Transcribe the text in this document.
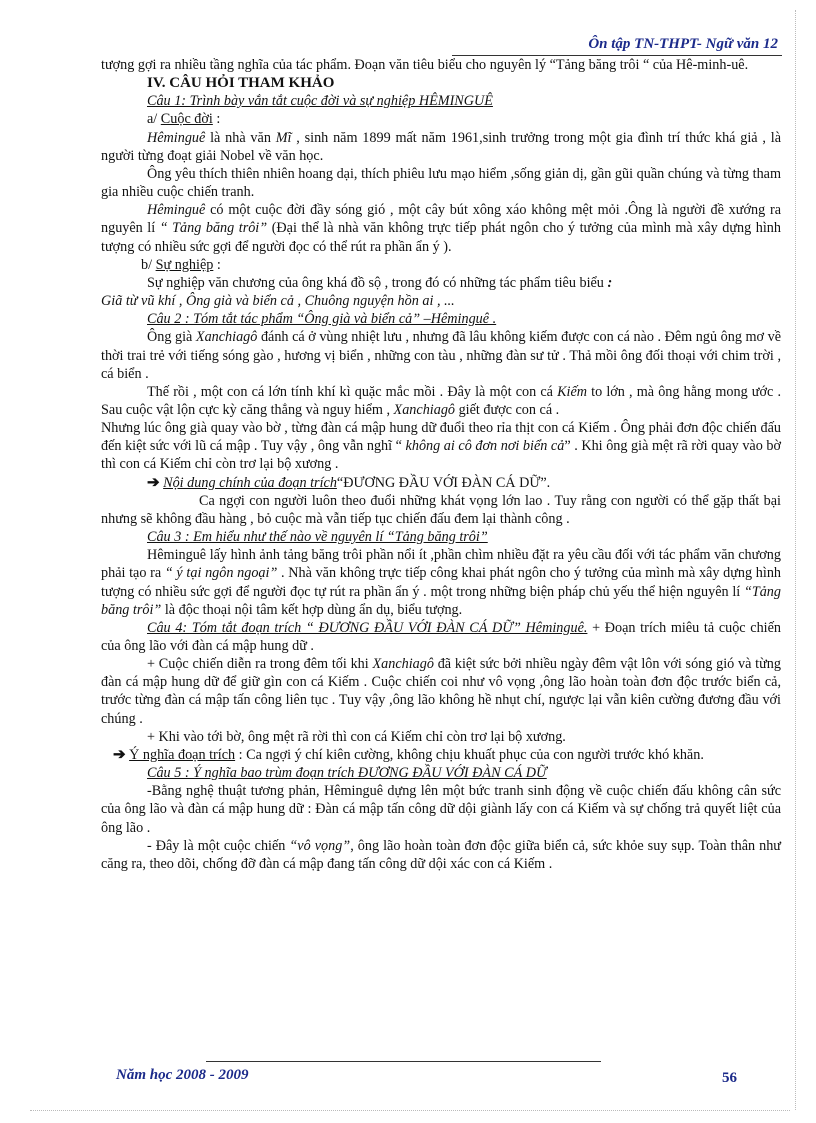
Ôn tập TN-THPT- Ngữ văn 12

tượng gợi ra nhiều tầng nghĩa của tác phẩm. Đoạn văn tiêu biểu cho nguyên lý “Tảng băng trôi “ của Hê-minh-uê.

IV. CÂU HỎI THAM KHẢO

Câu 1: Trình bày vắn tắt cuộc đời và sự nghiệp HÊMINGUÊ

a/ Cuộc đời :

Hêminguê là nhà văn Mĩ , sinh năm 1899 mất năm 1961,sinh trưởng trong một gia đình trí thức khá giả , là người từng đoạt giải Nobel về văn học.

Ông yêu thích thiên nhiên hoang dại, thích phiêu lưu mạo hiểm ,sống giản dị, gần gũi quần chúng và từng tham gia nhiều cuộc chiến tranh.

Hêminguê có một cuộc đời đầy sóng gió , một cây bút xông xáo không mệt mỏi .Ông là người đề xướng ra nguyên lí “ Tảng băng trôi” (Đại thể là nhà văn không trực tiếp phát ngôn cho ý tưởng của mình mà xây dựng hình tượng có nhiều sức gợi để người đọc có thể rút ra phần ẩn ý ).

b/ Sự nghiệp :

Sự nghiệp văn chương của ông khá đồ sộ , trong đó có những tác phẩm tiêu biểu :

Giã từ vũ khí , Ông già và biển cả , Chuông nguyện hồn ai , ...

Câu 2 : Tóm tắt tác phẩm “Ông già và biển cả” –Hêminguê .

Ông già Xanchiagô đánh cá ở vùng nhiệt lưu , nhưng đã lâu không kiếm được con cá nào . Đêm ngủ ông mơ về thời trai trẻ với tiếng sóng gào , hương vị biển , những con tàu , những đàn sư tử . Thả mồi ông đối thoại với chim trời , cá biển .

Thế rồi , một con cá lớn tính khí kì quặc mắc mồi . Đây là một con cá Kiếm to lớn , mà ông hằng mong ước . Sau cuộc vật lộn cực kỳ căng thẳng và nguy hiểm , Xanchiagô giết được con cá .

Nhưng lúc ông già quay vào bờ , từng đàn cá mập hung dữ đuổi theo rỉa thịt con cá Kiếm . Ông phải đơn độc chiến đấu đến kiệt sức với lũ cá mập . Tuy vậy , ông vẫn nghĩ “ không ai cô đơn nơi biển cả” . Khi ông già mệt rã rời quay vào bờ thì con cá Kiếm chỉ còn trơ lại bộ xương .

➔ Nội dung chính của đoạn trích“ĐƯƠNG ĐẦU VỚI ĐÀN CÁ DỮ”.

Ca ngợi con người luôn theo đuổi những khát vọng lớn lao . Tuy rằng con người có thể gặp thất bại nhưng sẽ không đầu hàng , bỏ cuộc mà vẫn tiếp tục chiến đấu đem lại thành công .

Câu 3 : Em hiểu như thế nào về nguyên lí “Tảng băng trôi”

Hêminguê lấy hình ảnh tảng băng trôi phần nổi ít ,phần chìm nhiều đặt ra yêu cầu đối với tác phẩm văn chương phải tạo ra “ ý tại ngôn ngoại” . Nhà văn không trực tiếp công khai phát ngôn cho ý tưởng của mình mà xây dựng hình tượng có nhiều sức gợi để người đọc tự rút ra phần ẩn ý . một trong những biện pháp chủ yếu thể hiện nguyên lí “Tảng băng trôi” là độc thoại nội tâm kết hợp dùng ẩn dụ, biểu tượng.

Câu 4: Tóm tắt đoạn trích “ ĐƯƠNG ĐẦU VỚI ĐÀN CÁ DỮ” Hêminguê. + Đoạn trích miêu tả cuộc chiến của ông lão với đàn cá mập hung dữ .

+ Cuộc chiến diễn ra trong đêm tối khi Xanchiagô đã kiệt sức bởi nhiều ngày đêm vật lôn với sóng gió và từng đàn cá mập hung dữ để giữ gìn con cá Kiếm . Cuộc chiến coi như vô vọng ,ông lão hoàn toàn đơn độc trước biển cả, trước từng đàn cá mập tấn công liên tục . Tuy vậy ,ông lão không hề nhụt chí, ngược lại vẫn kiên cường đương đầu với chúng .

+ Khi vào tới bờ, ông mệt rã rời thì con cá Kiếm chỉ còn trơ lại bộ xương.

➔ Ý nghĩa đoạn trích : Ca ngợi ý chí kiên cường, không chịu khuất phục của con người trước khó khăn.

Câu 5 : Ý nghĩa bao trùm đoạn trích ĐƯƠNG ĐẦU VỚI ĐÀN CÁ DỮ

-Bằng nghệ thuật tương phản, Hêminguê dựng lên một bức tranh sinh động về cuộc chiến đấu không cân sức của ông lão và đàn cá mập hung dữ : Đàn cá mập tấn công dữ dội giành lấy con cá Kiếm và sự chống trả quyết liệt của ông lão .

- Đây là một cuộc chiến “vô vọng”, ông lão hoàn toàn đơn độc giữa biển cả, sức khỏe suy sụp. Toàn thân như căng ra, theo dõi, chống đỡ đàn cá mập đang tấn công dữ dội xác con cá Kiếm .

Năm học 2008 - 2009	56
